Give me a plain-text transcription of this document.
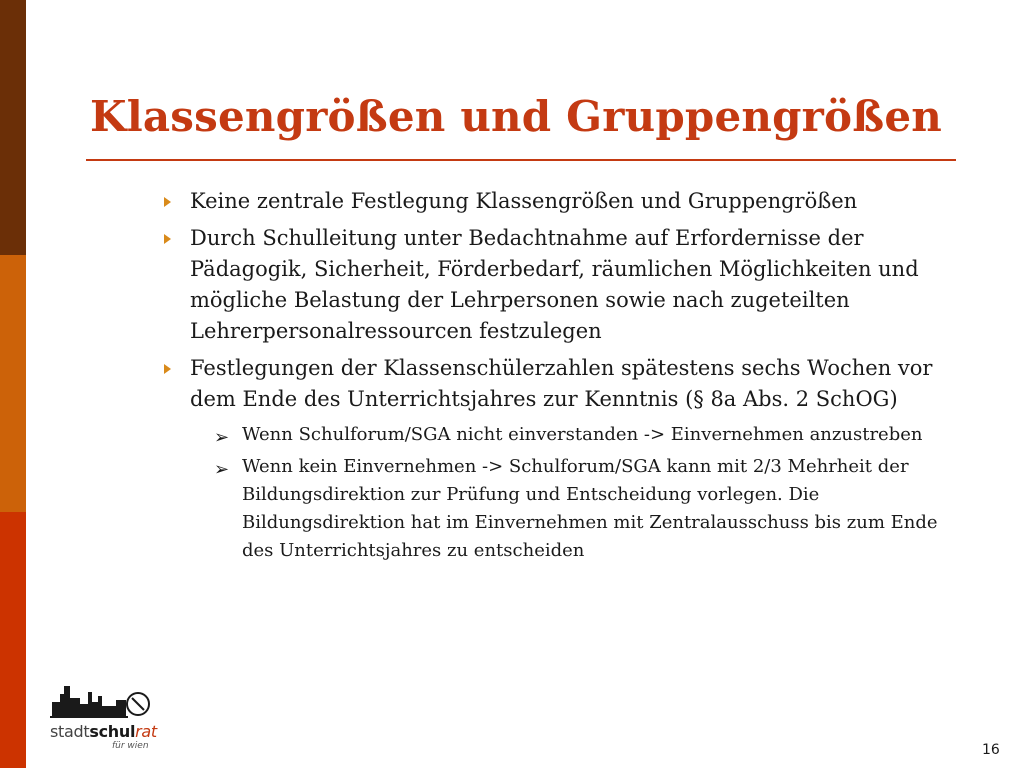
Klassengrößen und Gruppengrößen
Keine zentrale Festlegung Klassengrößen und Gruppengrößen
Durch Schulleitung unter Bedachtnahme auf Erfordernisse der Pädagogik, Sicherheit, Förderbedarf, räumlichen Möglichkeiten und mögliche Belastung der Lehrpersonen sowie nach zugeteilten Lehrerpersonalressourcen festzulegen
Festlegungen der Klassenschülerzahlen spätestens sechs Wochen vor dem Ende des Unterrichtsjahres zur Kenntnis (§ 8a Abs. 2 SchOG)
➢ Wenn Schulforum/SGA nicht einverstanden -> Einvernehmen anzustreben
➢ Wenn kein Einvernehmen -> Schulforum/SGA kann mit 2/3 Mehrheit der Bildungsdirektion zur Prüfung und Entscheidung vorlegen. Die Bildungsdirektion hat im Einvernehmen mit Zentralausschuss bis zum Ende des Unterrichtsjahres zu entscheiden
stadtschulrat
für wien	16
